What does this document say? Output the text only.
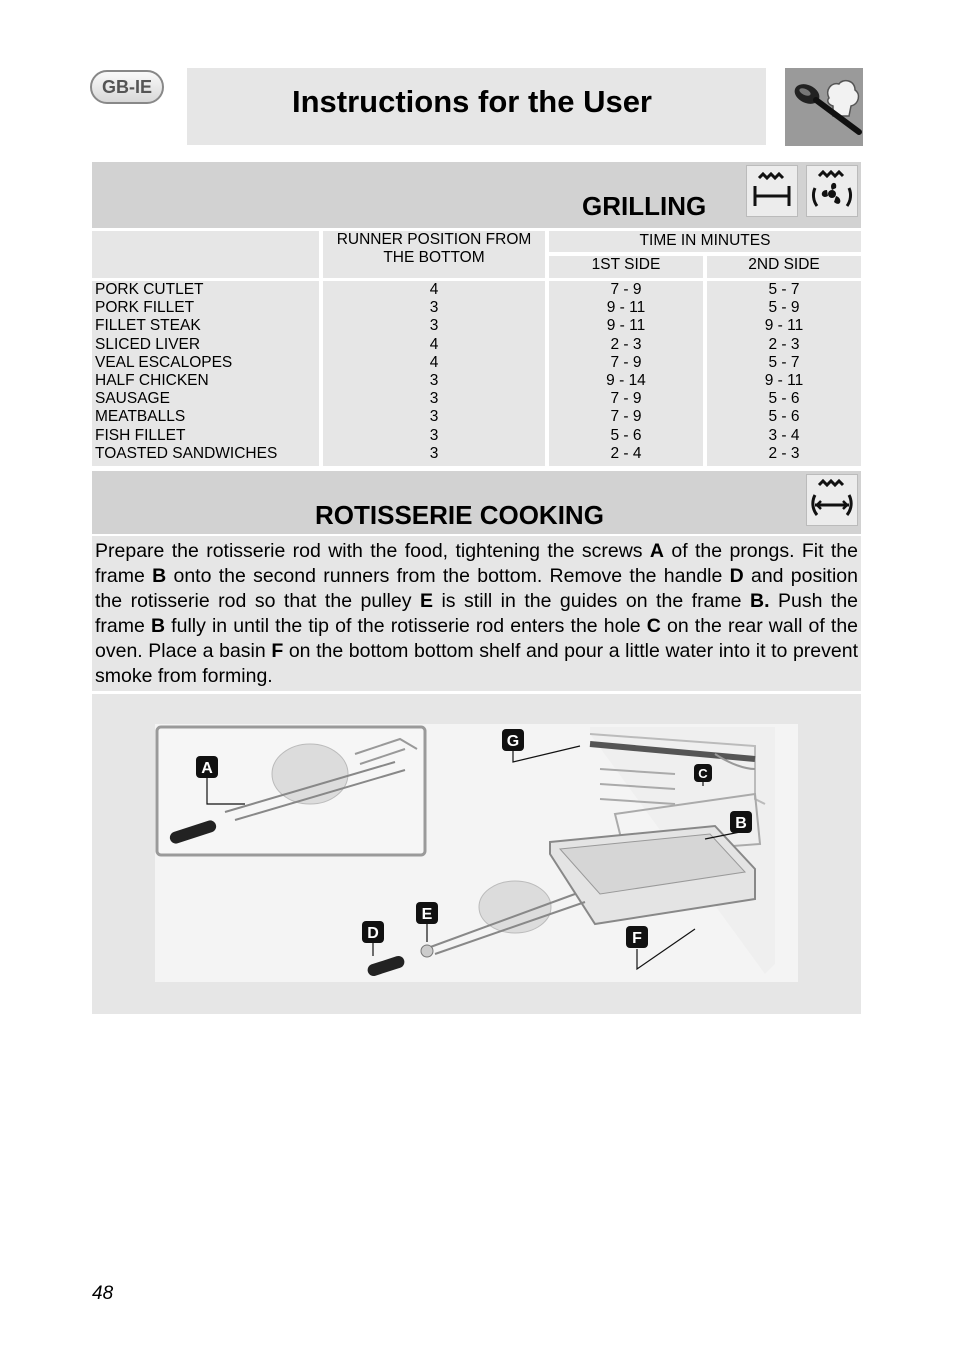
GB-IE	Instructions for the User
GRILLING
RUNNER POSITION FROM THE BOTTOM
TIME IN MINUTES
1ST SIDE	2ND SIDE
PORK CUTLET
PORK FILLET
FILLET STEAK
SLICED LIVER
VEAL ESCALOPES
HALF CHICKEN
SAUSAGE
MEATBALLS
FISH FILLET
TOASTED SANDWICHES
4
3
3
4
4
3
3
3
3
3
7 - 9
9 - 11
9 - 11
2 - 3
7 - 9
9 - 14
7 - 9
7 - 9
5 - 6
2 - 4
5 - 7
5 - 9
9 - 11
2 - 3
5 - 7
9 - 11
5 - 6
5 - 6
3 - 4
2 - 3
ROTISSERIE COOKING
Prepare the rotisserie rod with the food, tightening the screws A of the prongs. Fit the frame B onto the second runners from the bottom. Remove the handle D and position the rotisserie rod so that the pulley E is still in the guides on the frame B. Push the frame B fully in until the tip of the rotisserie rod enters the hole C on the rear wall of the oven. Place a basin F on the bottom bottom shelf and pour a little water into it to prevent smoke from forming.
A
B
C
D
E
F
G
48
